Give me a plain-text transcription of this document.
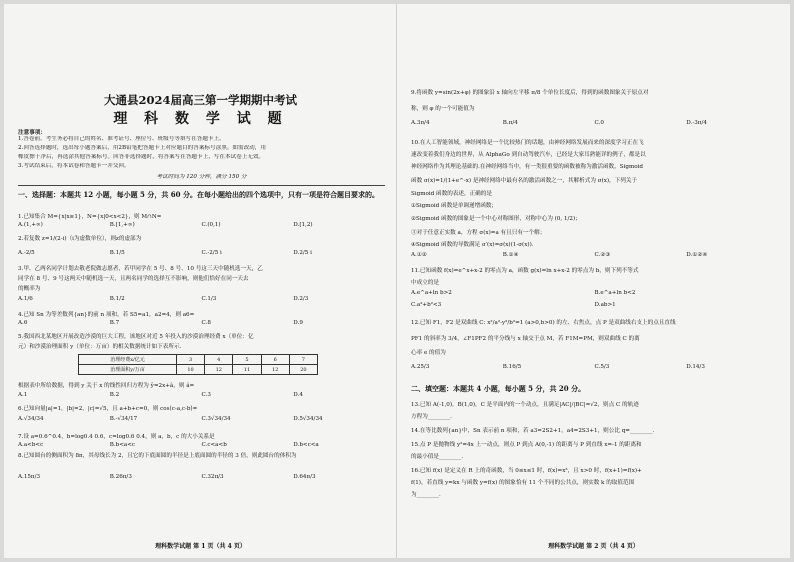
大通县2024届高三第一学期期中考试
理 科 数 学 试 题
注意事项：
1.答卷前，考生务必将自己的姓名、准考证号、座位号、班级号等填写在答题卡上。
2.回答选择题时，选出每小题答案后，用2B铅笔把答题卡上对应题目的答案标号涂黑。如需改动，用
橡皮擦干净后，再选涂其他答案标号。回答非选择题时，将答案写在答题卡上，写在本试卷上无效。
3.考试结束后，将本试卷和答题卡一并交回。
考试时间为 120 分钟，满分 150 分
一、选择题：本题共 12 小题，每小题 5 分，共 60 分。在每小题给出的四个选项中，只有一项是符合题目要求的。
1.已知集合 M={x|x≥1}，N={x|0<x<2}，则 M∩N=
A.(1,+∞)	B.[1,+∞)	C.(0,1)	D.[1,2)
2.若复数 z=1/(2-i)（i为虚数单位），则z的虚部为
A.-2/5	B.1/5	C.-2/5 i	D.2/5 i
3.甲、乙两名同学计划去敬老院做志愿者，若甲同学在 5 号、8 号、10 号这三天中随机选一天，乙
同学在 8 号、9 号这两天中随机选一天，且两名同学的选择互不影响，则他们恰好在同一天去
的概率为
A.1/6	B.1/2	C.1/3	D.2/3
4.已知 Sn 为等差数列{an}的前 n 项和，若 S5=a1，a2=4，则 a6=
A.6	B.7	C.8	D.9
5.我国西北某地区开展改造沙漠的巨大工程，该地区对近 5 年投入的沙漠治理经费 x（单位：亿
元）和沙漠治理面积 y（单位：万亩）的相关数据统计如下表所示.
治理经费x/亿元	3	4	5	6	7
治理面积y/万亩	10	12	11	12	20
根据表中所给数据，得到 y 关于 x 的线性回归方程为 ŷ=2x+â，则 â=
A.1	B.2	C.3	D.4
6.已知向量|a|=1，|b|=2，|c|=√5，且 a+b+c=0，则 cos⟨c-a,c-b⟩=
A.√34/34	B.-√34/17	C.3√34/34	D.5√34/34
7.设 a=0.6^0.4，b=log0.4 0.6，c=log0.6 0.4，则 a，b，c 的大小关系是
A.a<b<c	B.b<a<c	C.c<a<b	D.b<c<a
8.已知圆台的侧面积为 8π，其母线长为 2，且它的下底面圆的半径是上底面圆的半径的 3 倍，则此圆台的体积为
A.15π/3	B.26π/3	C.32π/3	D.64π/3
理科数学试题 第 1 页（共 4 页）
9.将函数 y=sin(2x+φ) 的图象沿 x 轴向左平移 π/8 个单位长度后，得到的函数图象关于原点对
称，则 φ 的一个可能值为
A.3π/4	B.π/4	C.0	D.-3π/4
10.在人工智能领域，神经网络是一个比较热门的话题，由神经网络发展而来的深度学习正在飞
速改变着我们身边的世界，从 AlphaGo 到自动驾驶汽车，已经是大家耳熟能详的例子，都是以
神经网络作为其理论基础的.在神经网络当中，有一类很重要的函数被称为激活函数，Sigmoid
函数 σ(x)=1/(1+e^-x) 是神经网络中最有名的激活函数之一，其解析式为 σ(x)，下列关于
Sigmoid 函数的表述，正确的是
①Sigmoid 函数是单调递增函数；
②Sigmoid 函数的图象是一个中心对称图形，对称中心为 (0, 1/2)；
③对于任意正实数 a，方程 σ(x)=a 有且只有一个解；
④Sigmoid 函数的导数满足 σ′(x)=σ(x)(1-σ(x)).
A.①②	B.①④	C.②③	D.①②④
11.已知函数 f(x)=e^x+x-2 的零点为 a，函数 g(x)=ln x+x-2 的零点为 b，则下列不等式
中成立的是
A.e^a+ln b>2	B.e^a+ln b<2
C.a²+b²<3	D.ab>1
12.已知 F1，F2 是双曲线 C: x²/a²-y²/b²=1 (a>0,b>0) 的左、右焦点，点 P 是双曲线右支上的点且直线
PF1 的斜率为 3/4，∠F1PF2 的平分线与 x 轴交于点 M，若 F1M=PM，则双曲线 C 的离
心率 e 的值为
A.25/3	B.16/5	C.5/3	D.14/3
二、填空题：本题共 4 小题，每小题 5 分，共 20 分。
13.已知 A(-1,0)，B(1,0)，C 是平面内的一个动点，且满足|AC|/|BC|=√2，则点 C 的轨迹
方程为________.
14.在等比数列{an}中，Sn 表示前 n 项和，若 a3=2S2+1，a4=2S3+1，则公比 q=________.
15.点 P 是抛物线 y²=4x 上一动点，则点 P 到点 A(0,-1) 的距离与 P 到直线 x=-1 的距离和
的最小值是________.
16.已知 f(x) 是定义在 R 上的奇函数，当 0≤x≤1 时，f(x)=x³，且 x>0 时，f(x+1)=f(x)+
f(1)，若直线 y=kx 与函数 y=f(x) 的图象恰有 11 个不同的公共点，则实数 k 的取值范围
为________.
理科数学试题 第 2 页（共 4 页）
